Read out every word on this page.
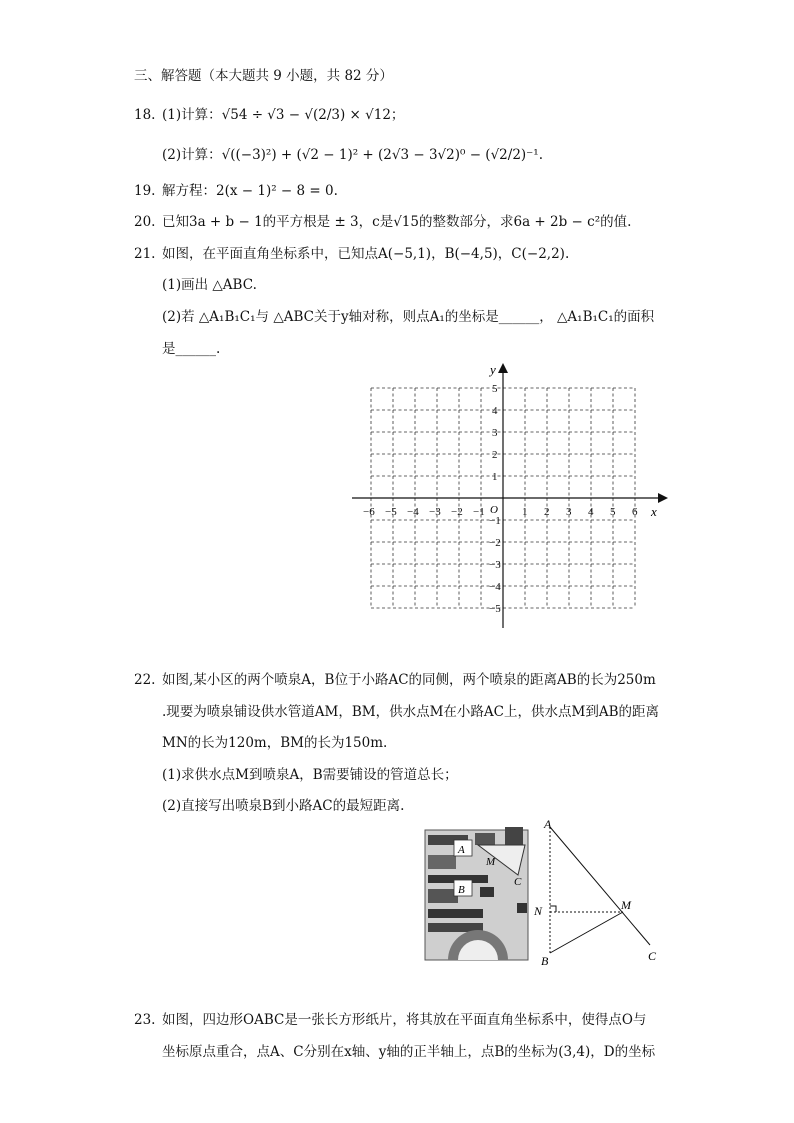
三、解答题（本大题共 9 小题，共 82 分）
18. (1)计算：√54 ÷ √3 − √(2/3) × √12；
(2)计算：√((−3)²) + (√2 − 1)² + (2√3 − 3√2)⁰ − (√2/2)⁻¹.
19. 解方程：2(x − 1)² − 8 = 0.
20. 已知3a + b − 1的平方根是 ± 3，c是√15的整数部分，求6a + 2b − c²的值.
21. 如图，在平面直角坐标系中，已知点A(−5,1)，B(−4,5)，C(−2,2).
(1)画出 △ABC.
(2)若 △A₁B₁C₁与 △ABC关于y轴对称，则点A₁的坐标是______， △A₁B₁C₁的面积
是______.
x
y
O
−6 −5 −4 −3 −2 −1	1 2 3 4 5 6
5
4
3
2
1
−1
−2
−3
−4
−5
22. 如图,某小区的两个喷泉A，B位于小路AC的同侧，两个喷泉的距离AB的长为250m
.现要为喷泉铺设供水管道AM，BM，供水点M在小路AC上，供水点M到AB的距离
MN的长为120m，BM的长为150m.
(1)求供水点M到喷泉A，B需要铺设的管道总长；
(2)直接写出喷泉B到小路AC的最短距离.
A
M
C
B
A
N	M
B	C
23. 如图，四边形OABC是一张长方形纸片，将其放在平面直角坐标系中，使得点O与
坐标原点重合，点A、C分别在x轴、y轴的正半轴上，点B的坐标为(3,4)，D的坐标
